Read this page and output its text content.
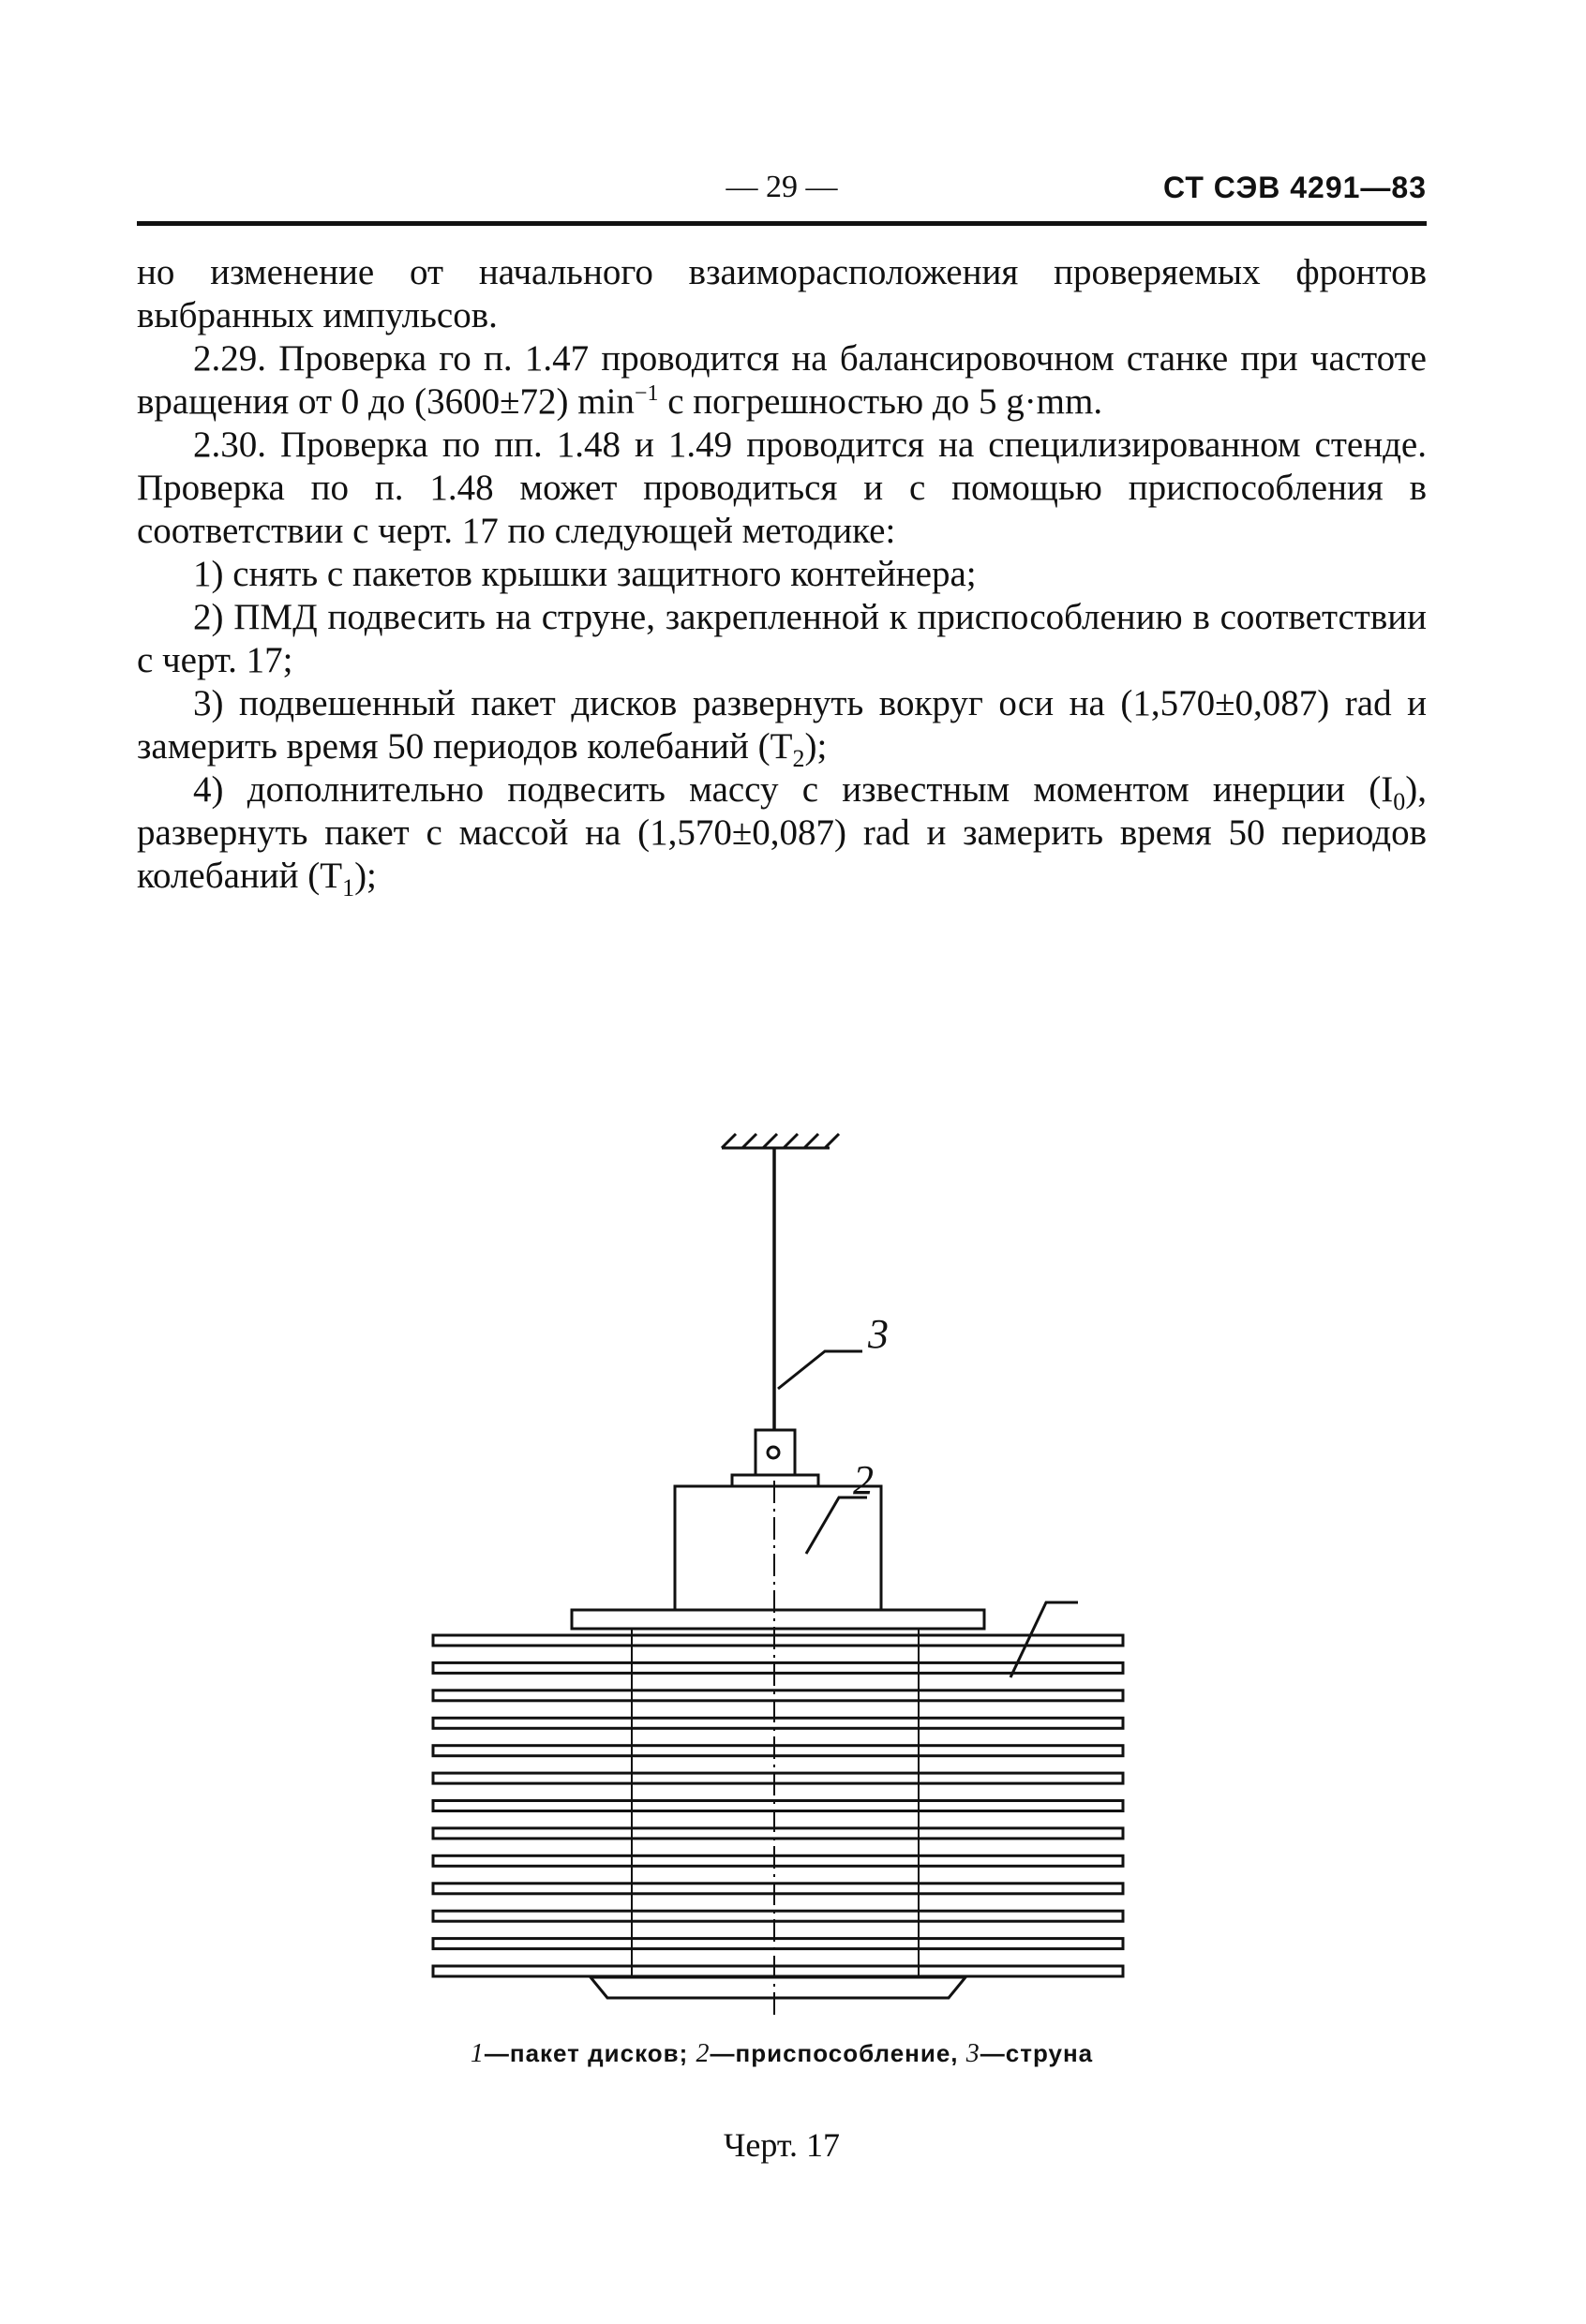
— 29 —	СТ СЭВ 4291—83

но изменение от начального взаиморасположения проверяемых фронтов выбранных импульсов.

2.29. Проверка го п. 1.47 проводится на балансировочном станке при частоте вращения от 0 до (3600±72) $\min^{-1} с$ погрешностью до 5 g·mm.

2.30. Проверка по пп. 1.48 и 1.49 проводится на специлизированном стенде. Проверка по п. 1.48 может проводиться и с помощью приспособления в соответствии с черт. 17 по следующей методике:

1) снять с пакетов крышки защитного контейнера;

2) ПМД подвесить на струне, закрепленной к приспособлению в соответствии с черт. 17;

3) подвешенный пакет дисков развернуть вокруг оси на (1,570±0,087) rad и замерить время 50 периодов колебаний $(T_2)$;

4) дополнительно подвесить массу с известным моментом инерции $(I_0)$, развернуть пакет с массой на (1,570±0,087) rad и замерить время 50 периодов колебаний $(T_1)$;

3
2
1—пакет дисков; 2—приспособление, 3—струна
Черт. 17
